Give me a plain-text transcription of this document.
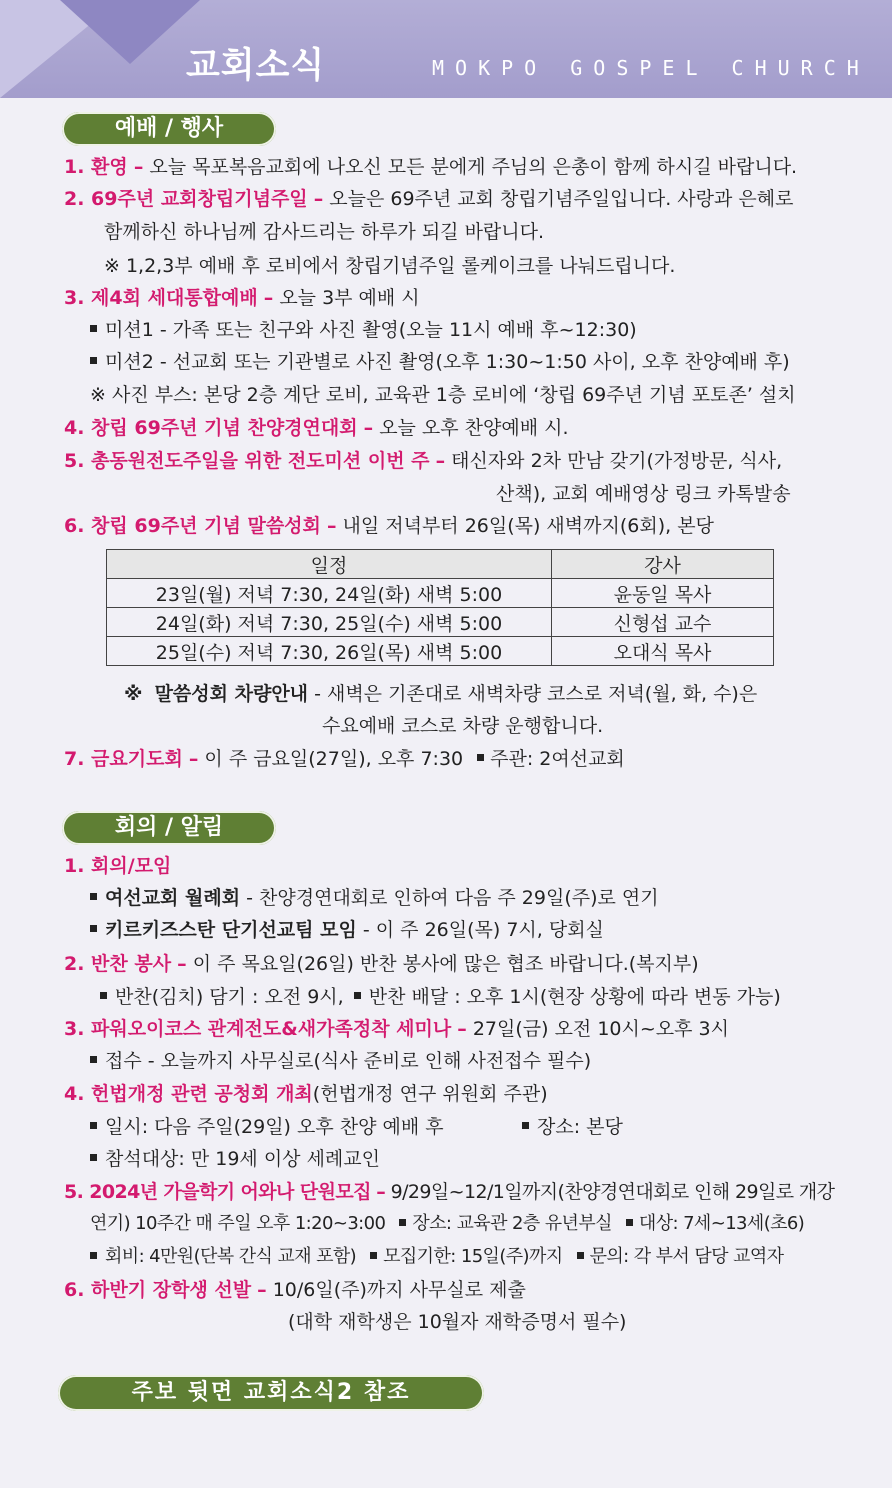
교회소식	MOKPO GOSPEL CHURCH
예배 / 행사
1. 환영 – 오늘 목포복음교회에 나오신 모든 분에게 주님의 은총이 함께 하시길 바랍니다.
2. 69주년 교회창립기념주일 – 오늘은 69주년 교회 창립기념주일입니다. 사랑과 은혜로
함께하신 하나님께 감사드리는 하루가 되길 바랍니다.
※ 1,2,3부 예배 후 로비에서 창립기념주일 롤케이크를 나눠드립니다.
3. 제4회 세대통합예배 – 오늘 3부 예배 시
미션1 - 가족 또는 친구와 사진 촬영(오늘 11시 예배 후~12:30)
미션2 - 선교회 또는 기관별로 사진 촬영(오후 1:30~1:50 사이, 오후 찬양예배 후)
※ 사진 부스: 본당 2층 계단 로비, 교육관 1층 로비에 ‘창립 69주년 기념 포토존’ 설치
4. 창립 69주년 기념 찬양경연대회 – 오늘 오후 찬양예배 시.
5. 총동원전도주일을 위한 전도미션 이번 주 – 태신자와 2차 만남 갖기(가정방문, 식사,
산책), 교회 예배영상 링크 카톡발송
6. 창립 69주년 기념 말씀성회 – 내일 저녁부터 26일(목) 새벽까지(6회), 본당
일정	강사
23일(월) 저녁 7:30, 24일(화) 새벽 5:00	윤동일 목사
24일(화) 저녁 7:30, 25일(수) 새벽 5:00	신형섭 교수
25일(수) 저녁 7:30, 26일(목) 새벽 5:00	오대식 목사
※ 말씀성회 차량안내 - 새벽은 기존대로 새벽차량 코스로 저녁(월, 화, 수)은
수요예배 코스로 차량 운행합니다.
7. 금요기도회 – 이 주 금요일(27일), 오후 7:30 주관: 2여선교회
회의 / 알림
1. 회의/모임
여선교회 월례회 - 찬양경연대회로 인하여 다음 주 29일(주)로 연기
키르키즈스탄 단기선교팀 모임 - 이 주 26일(목) 7시, 당회실
2. 반찬 봉사 – 이 주 목요일(26일) 반찬 봉사에 많은 협조 바랍니다.(복지부)
반찬(김치) 담기 : 오전 9시, 반찬 배달 : 오후 1시(현장 상황에 따라 변동 가능)
3. 파워오이코스 관계전도&새가족정착 세미나 – 27일(금) 오전 10시~오후 3시
접수 - 오늘까지 사무실로(식사 준비로 인해 사전접수 필수)
4. 헌법개정 관련 공청회 개최(헌법개정 연구 위원회 주관)
일시: 다음 주일(29일) 오후 찬양 예배 후	장소: 본당
참석대상: 만 19세 이상 세례교인
5. 2024년 가을학기 어와나 단원모집 – 9/29일~12/1일까지(찬양경연대회로 인해 29일로 개강
연기) 10주간 매 주일 오후 1:20~3:00 장소: 교육관 2층 유년부실 대상: 7세~13세(초6)
회비: 4만원(단복 간식 교재 포함) 모집기한: 15일(주)까지 문의: 각 부서 담당 교역자
6. 하반기 장학생 선발 – 10/6일(주)까지 사무실로 제출
(대학 재학생은 10월자 재학증명서 필수)
주보 뒷면 교회소식2 참조
